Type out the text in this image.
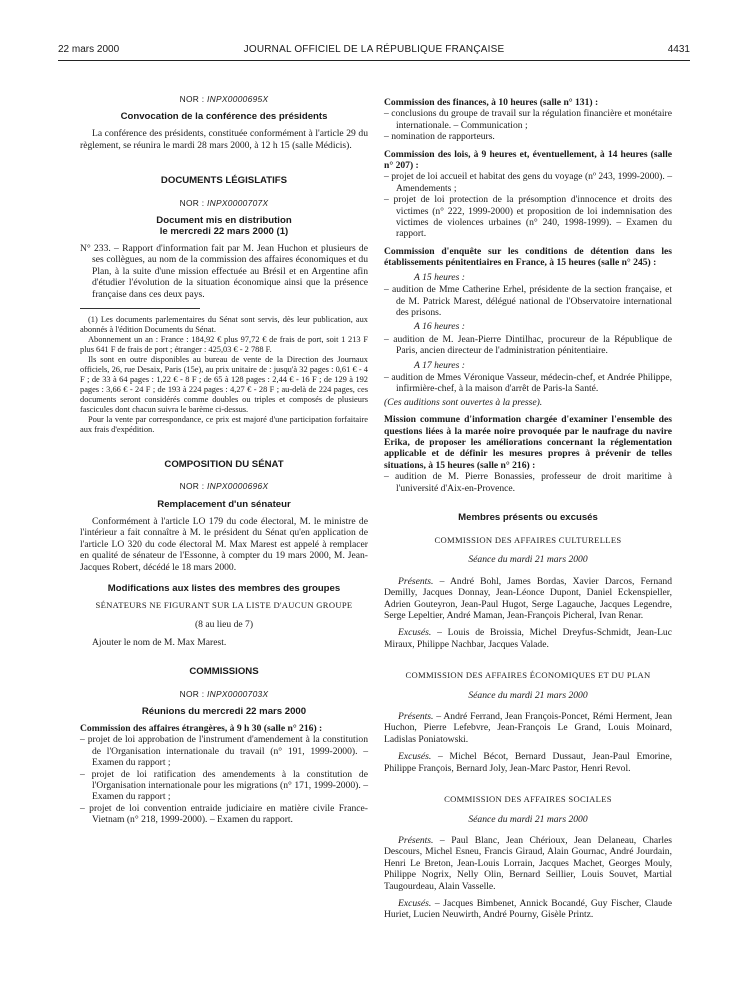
22 mars 2000	JOURNAL OFFICIEL DE LA RÉPUBLIQUE FRANÇAISE	4431
NOR : INPX0000695X
Convocation de la conférence des présidents

La conférence des présidents, constituée conformément à l'article 29 du règlement, se réunira le mardi 28 mars 2000, à 12 h 15 (salle Médicis).

DOCUMENTS LÉGISLATIFS
NOR : INPX0000707X
Document mis en distribution
le mercredi 22 mars 2000 (1)

N° 233. – Rapport d'information fait par M. Jean Huchon et plusieurs de ses collègues, au nom de la commission des affaires économiques et du Plan, à la suite d'une mission effectuée au Brésil et en Argentine afin d'étudier l'évolution de la situation économique ainsi que la présence française dans ces deux pays.

(1) Les documents parlementaires du Sénat sont servis, dès leur publication, aux abonnés à l'édition Documents du Sénat.

Abonnement un an : France : 184,92 € plus 97,72 € de frais de port, soit 1 213 F plus 641 F de frais de port ; étranger : 425,03 € - 2 788 F.

Ils sont en outre disponibles au bureau de vente de la Direction des Journaux officiels, 26, rue Desaix, Paris (15e), au prix unitaire de : jusqu'à 32 pages : 0,61 € - 4 F ; de 33 à 64 pages : 1,22 € - 8 F ; de 65 à 128 pages : 2,44 € - 16 F ; de 129 à 192 pages : 3,66 € - 24 F ; de 193 à 224 pages : 4,27 € - 28 F ; au-delà de 224 pages, ces documents seront considérés comme doubles ou triples et composés de plusieurs fascicules dont chacun suivra le barème ci-dessus.

Pour la vente par correspondance, ce prix est majoré d'une participation forfaitaire aux frais d'expédition.

COMPOSITION DU SÉNAT
NOR : INPX0000696X
Remplacement d'un sénateur

Conformément à l'article LO 179 du code électoral, M. le ministre de l'intérieur a fait connaître à M. le président du Sénat qu'en application de l'article LO 320 du code électoral M. Max Marest est appelé à remplacer en qualité de sénateur de l'Essonne, à compter du 19 mars 2000, M. Jean-Jacques Robert, décédé le 18 mars 2000.

Modifications aux listes des membres des groupes
SÉNATEURS NE FIGURANT SUR LA LISTE D'AUCUN GROUPE
(8 au lieu de 7)

Ajouter le nom de M. Max Marest.

COMMISSIONS
NOR : INPX0000703X
Réunions du mercredi 22 mars 2000

Commission des affaires étrangères, à 9 h 30 (salle n° 216) :

– projet de loi approbation de l'instrument d'amendement à la constitution de l'Organisation internationale du travail (n° 191, 1999-2000). – Examen du rapport ;

– projet de loi ratification des amendements à la constitution de l'Organisation internationale pour les migrations (n° 171, 1999-2000). – Examen du rapport ;

– projet de loi convention entraide judiciaire en matière civile France-Vietnam (n° 218, 1999-2000). – Examen du rapport.

Commission des finances, à 10 heures (salle n° 131) :

– conclusions du groupe de travail sur la régulation financière et monétaire internationale. – Communication ;

– nomination de rapporteurs.

Commission des lois, à 9 heures et, éventuellement, à 14 heures (salle n° 207) :

– projet de loi accueil et habitat des gens du voyage (nº 243, 1999-2000). – Amendements ;

– projet de loi protection de la présomption d'innocence et droits des victimes (n° 222, 1999-2000) et proposition de loi indemnisation des victimes de violences urbaines (n° 240, 1998-1999). – Examen du rapport.

Commission d'enquête sur les conditions de détention dans les établissements pénitentiaires en France, à 15 heures (salle n° 245) :

A 15 heures :

– audition de Mme Catherine Erhel, présidente de la section française, et de M. Patrick Marest, délégué national de l'Observatoire international des prisons.

A 16 heures :

– audition de M. Jean-Pierre Dintilhac, procureur de la République de Paris, ancien directeur de l'administration pénitentiaire.

A 17 heures :

– audition de Mmes Véronique Vasseur, médecin-chef, et Andrée Philippe, infirmière-chef, à la maison d'arrêt de Paris-la Santé.

(Ces auditions sont ouvertes à la presse).

Mission commune d'information chargée d'examiner l'ensemble des questions liées à la marée noire provoquée par le naufrage du navire Erika, de proposer les améliorations concernant la réglementation applicable et de définir les mesures propres à prévenir de telles situations, à 15 heures (salle n° 216) :

– audition de M. Pierre Bonassies, professeur de droit maritime à l'université d'Aix-en-Provence.

Membres présents ou excusés
COMMISSION DES AFFAIRES CULTURELLES
Séance du mardi 21 mars 2000

Présents. – André Bohl, James Bordas, Xavier Darcos, Fernand Demilly, Jacques Donnay, Jean-Léonce Dupont, Daniel Eckenspieller, Adrien Gouteyron, Jean-Paul Hugot, Serge Lagauche, Jacques Legendre, Serge Lepeltier, André Maman, Jean-François Picheral, Ivan Renar.

Excusés. – Louis de Broissia, Michel Dreyfus-Schmidt, Jean-Luc Miraux, Philippe Nachbar, Jacques Valade.

COMMISSION DES AFFAIRES ÉCONOMIQUES ET DU PLAN
Séance du mardi 21 mars 2000

Présents. – André Ferrand, Jean François-Poncet, Rémi Herment, Jean Huchon, Pierre Lefebvre, Jean-François Le Grand, Louis Moinard, Ladislas Poniatowski.

Excusés. – Michel Bécot, Bernard Dussaut, Jean-Paul Emorine, Philippe François, Bernard Joly, Jean-Marc Pastor, Henri Revol.

COMMISSION DES AFFAIRES SOCIALES
Séance du mardi 21 mars 2000

Présents. – Paul Blanc, Jean Chérioux, Jean Delaneau, Charles Descours, Michel Esneu, Francis Giraud, Alain Gournac, André Jourdain, Henri Le Breton, Jean-Louis Lorrain, Jacques Machet, Georges Mouly, Philippe Nogrix, Nelly Olin, Bernard Seillier, Louis Souvet, Martial Taugourdeau, Alain Vasselle.

Excusés. – Jacques Bimbenet, Annick Bocandé, Guy Fischer, Claude Huriet, Lucien Neuwirth, André Pourny, Gisèle Printz.
